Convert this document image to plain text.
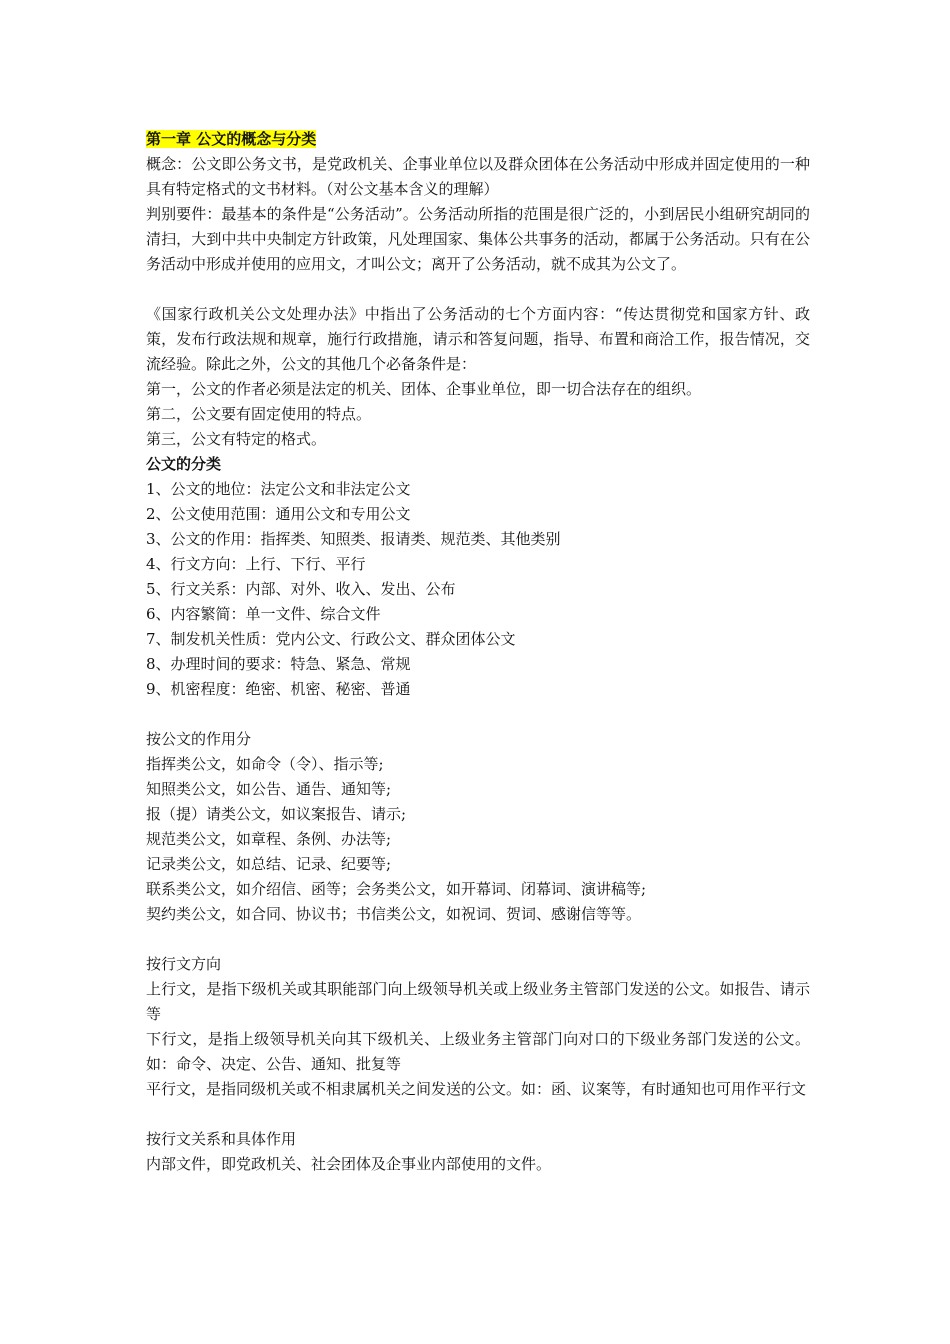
第一章 公文的概念与分类
概念：公文即公务文书，是党政机关、企事业单位以及群众团体在公务活动中形成并固定使用的一种具有特定格式的文书材料。（对公文基本含义的理解）
判别要件：最基本的条件是“公务活动”。公务活动所指的范围是很广泛的，小到居民小组研究胡同的清扫，大到中共中央制定方针政策，凡处理国家、集体公共事务的活动，都属于公务活动。只有在公务活动中形成并使用的应用文，才叫公文；离开了公务活动，就不成其为公文了。
《国家行政机关公文处理办法》中指出了公务活动的七个方面内容：“传达贯彻党和国家方针、政策，发布行政法规和规章，施行行政措施，请示和答复问题，指导、布置和商洽工作，报告情况，交流经验。除此之外，公文的其他几个必备条件是：
第一，公文的作者必须是法定的机关、团体、企事业单位，即一切合法存在的组织。
第二，公文要有固定使用的特点。
第三，公文有特定的格式。
公文的分类
1、公文的地位：法定公文和非法定公文
2、公文使用范围：通用公文和专用公文
3、公文的作用：指挥类、知照类、报请类、规范类、其他类别
4、行文方向：上行、下行、平行
5、行文关系：内部、对外、收入、发出、公布
6、内容繁简：单一文件、综合文件
7、制发机关性质：党内公文、行政公文、群众团体公文
8、办理时间的要求：特急、紧急、常规
9、机密程度：绝密、机密、秘密、普通
按公文的作用分
指挥类公文，如命令（令）、指示等;
知照类公文，如公告、通告、通知等;
报（提）请类公文，如议案报告、请示;
规范类公文，如章程、条例、办法等;
记录类公文，如总结、记录、纪要等;
联系类公文，如介绍信、函等；会务类公文，如开幕词、闭幕词、演讲稿等;
契约类公文，如合同、协议书；书信类公文，如祝词、贺词、感谢信等等。
按行文方向
上行文，是指下级机关或其职能部门向上级领导机关或上级业务主管部门发送的公文。如报告、请示等
下行文，是指上级领导机关向其下级机关、上级业务主管部门向对口的下级业务部门发送的公文。如：命令、决定、公告、通知、批复等
平行文，是指同级机关或不相隶属机关之间发送的公文。如：函、议案等，有时通知也可用作平行文
按行文关系和具体作用
内部文件，即党政机关、社会团体及企事业内部使用的文件。
